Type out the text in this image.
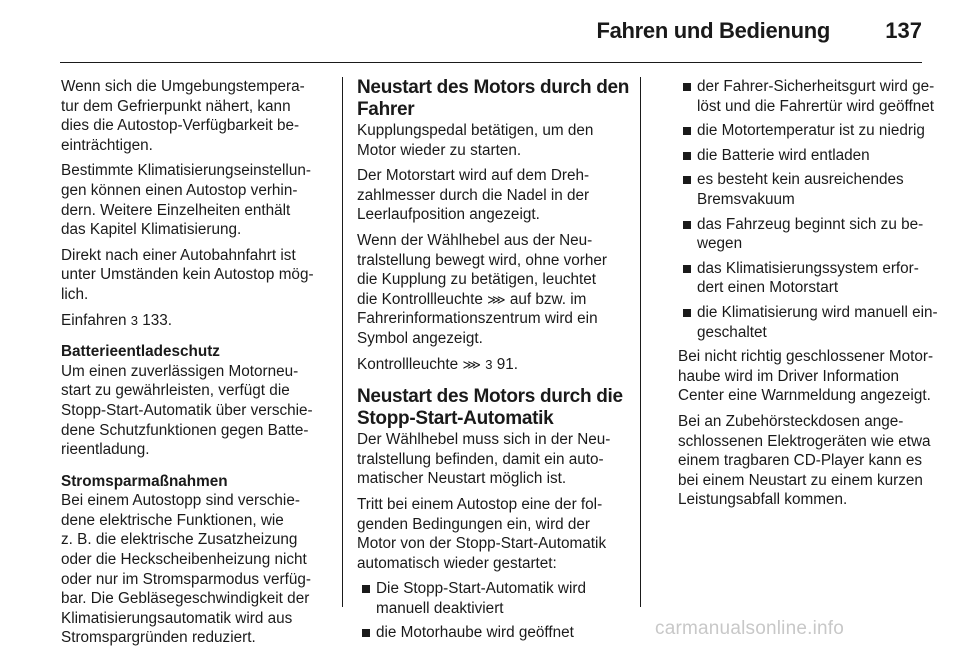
Fahren und Bedienung	137

Wenn sich die Umgebungstempera-
tur dem Gefrierpunkt nähert, kann
dies die Autostop-Verfügbarkeit be-
einträchtigen.

Bestimmte Klimatisierungseinstellun-
gen können einen Autostop verhin-
dern. Weitere Einzelheiten enthält
das Kapitel Klimatisierung.

Direkt nach einer Autobahnfahrt ist
unter Umständen kein Autostop mög-
lich.

Einfahren 3 133.

Batterieentladeschutz

Um einen zuverlässigen Motorneu-
start zu gewährleisten, verfügt die
Stopp-Start-Automatik über verschie-
dene Schutzfunktionen gegen Batte-
rieentladung.

Stromsparmaßnahmen

Bei einem Autostopp sind verschie-
dene elektrische Funktionen, wie
z. B. die elektrische Zusatzheizung
oder die Heckscheibenheizung nicht
oder nur im Stromsparmodus verfüg-
bar. Die Gebläsegeschwindigkeit der
Klimatisierungsautomatik wird aus
Stromspargründen reduziert.

Neustart des Motors durch den
Fahrer

Kupplungspedal betätigen, um den
Motor wieder zu starten.

Der Motorstart wird auf dem Dreh-
zahlmesser durch die Nadel in der
Leerlaufposition angezeigt.

Wenn der Wählhebel aus der Neu-
tralstellung bewegt wird, ohne vorher
die Kupplung zu betätigen, leuchtet
die Kontrollleuchte ⋙ auf bzw. im
Fahrerinformationszentrum wird ein
Symbol angezeigt.

Kontrollleuchte ⋙ 3 91.

Neustart des Motors durch die
Stopp-Start-Automatik

Der Wählhebel muss sich in der Neu-
tralstellung befinden, damit ein auto-
matischer Neustart möglich ist.

Tritt bei einem Autostop eine der fol-
genden Bedingungen ein, wird der
Motor von der Stopp-Start-Automatik
automatisch wieder gestartet:

Die Stopp-Start-Automatik wird
manuell deaktiviert
die Motorhaube wird geöffnet
der Fahrer-Sicherheitsgurt wird ge-
löst und die Fahrertür wird geöffnet
die Motortemperatur ist zu niedrig
die Batterie wird entladen
es besteht kein ausreichendes
Bremsvakuum
das Fahrzeug beginnt sich zu be-
wegen
das Klimatisierungssystem erfor-
dert einen Motorstart
die Klimatisierung wird manuell ein-
geschaltet

Bei nicht richtig geschlossener Motor-
haube wird im Driver Information
Center eine Warnmeldung angezeigt.

Bei an Zubehörsteckdosen ange-
schlossenen Elektrogeräten wie etwa
einem tragbaren CD-Player kann es
bei einem Neustart zu einem kurzen
Leistungsabfall kommen.

carmanualsonline.info
